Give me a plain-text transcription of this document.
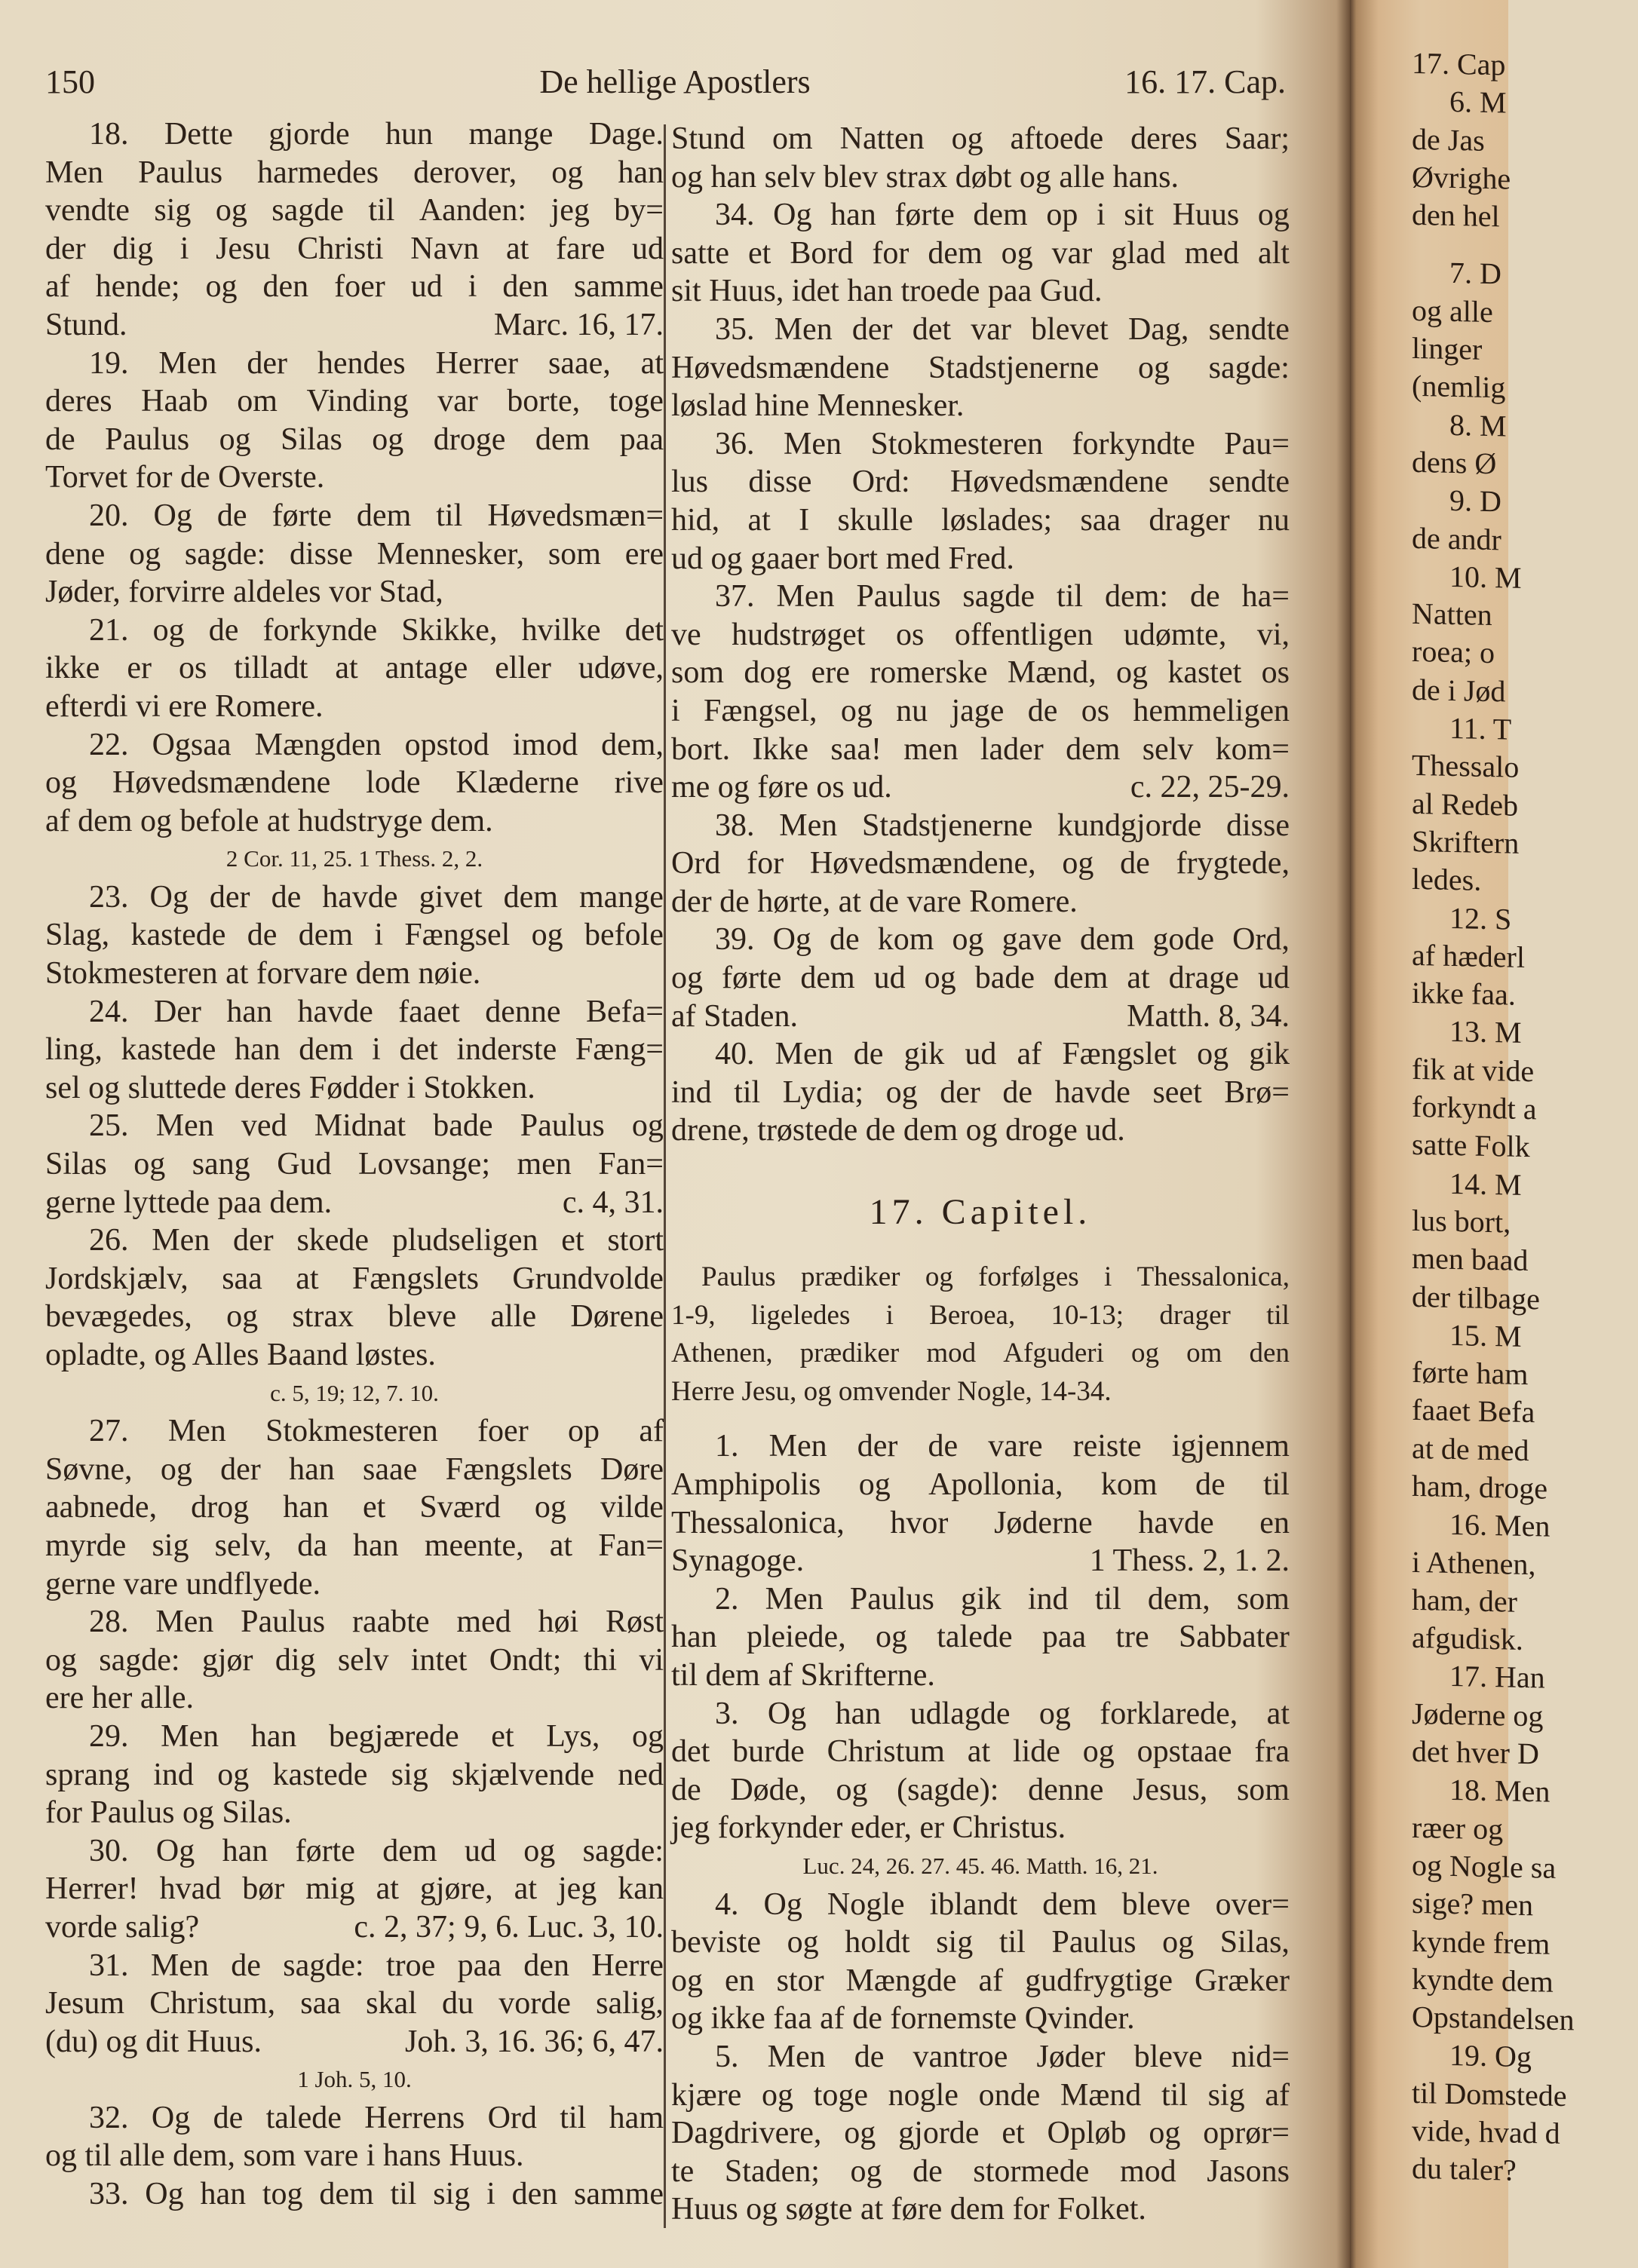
150	De hellige Apostlers	16. 17. Cap.
18. Dette gjorde hun mange Dage.
Men Paulus harmedes derover, og han
vendte sig og sagde til Aanden: jeg by=
der dig i Jesu Christi Navn at fare ud
af hende; og den foer ud i den samme
Stund.	Marc. 16, 17.
19. Men der hendes Herrer saae, at
deres Haab om Vinding var borte, toge
de Paulus og Silas og droge dem paa
Torvet for de Overste.
20. Og de førte dem til Høvedsmæn=
dene og sagde: disse Mennesker, som ere
Jøder, forvirre aldeles vor Stad,
21. og de forkynde Skikke, hvilke det
ikke er os tilladt at antage eller udøve,
efterdi vi ere Romere.
22. Ogsaa Mængden opstod imod dem,
og Høvedsmændene lode Klæderne rive
af dem og befole at hudstryge dem.
2 Cor. 11, 25. 1 Thess. 2, 2.
23. Og der de havde givet dem mange
Slag, kastede de dem i Fængsel og befole
Stokmesteren at forvare dem nøie.
24. Der han havde faaet denne Befa=
ling, kastede han dem i det inderste Fæng=
sel og sluttede deres Fødder i Stokken.
25. Men ved Midnat bade Paulus og
Silas og sang Gud Lovsange; men Fan=
gerne lyttede paa dem.	c. 4, 31.
26. Men der skede pludseligen et stort
Jordskjælv, saa at Fængslets Grundvolde
bevægedes, og strax bleve alle Dørene
opladte, og Alles Baand løstes.
c. 5, 19; 12, 7. 10.
27. Men Stokmesteren foer op af
Søvne, og der han saae Fængslets Døre
aabnede, drog han et Sværd og vilde
myrde sig selv, da han meente, at Fan=
gerne vare undflyede.
28. Men Paulus raabte med høi Røst
og sagde: gjør dig selv intet Ondt; thi vi
ere her alle.
29. Men han begjærede et Lys, og
sprang ind og kastede sig skjælvende ned
for Paulus og Silas.
30. Og han førte dem ud og sagde:
Herrer! hvad bør mig at gjøre, at jeg kan
vorde salig?	c. 2, 37; 9, 6. Luc. 3, 10.
31. Men de sagde: troe paa den Herre
Jesum Christum, saa skal du vorde salig,
(du) og dit Huus.	Joh. 3, 16. 36; 6, 47.
1 Joh. 5, 10.
32. Og de talede Herrens Ord til ham
og til alle dem, som vare i hans Huus.
33. Og han tog dem til sig i den samme
Stund om Natten og aftoede deres Saar;
og han selv blev strax døbt og alle hans.
34. Og han førte dem op i sit Huus og
satte et Bord for dem og var glad med alt
sit Huus, idet han troede paa Gud.
35. Men der det var blevet Dag, sendte
Høvedsmændene Stadstjenerne og sagde:
løslad hine Mennesker.
36. Men Stokmesteren forkyndte Pau=
lus disse Ord: Høvedsmændene sendte
hid, at I skulle løslades; saa drager nu
ud og gaaer bort med Fred.
37. Men Paulus sagde til dem: de ha=
ve hudstrøget os offentligen udømte, vi,
som dog ere romerske Mænd, og kastet os
i Fængsel, og nu jage de os hemmeligen
bort. Ikke saa! men lader dem selv kom=
me og føre os ud.	c. 22, 25-29.
38. Men Stadstjenerne kundgjorde disse
Ord for Høvedsmændene, og de frygtede,
der de hørte, at de vare Romere.
39. Og de kom og gave dem gode Ord,
og førte dem ud og bade dem at drage ud
af Staden.	Matth. 8, 34.
40. Men de gik ud af Fængslet og gik
ind til Lydia; og der de havde seet Brø=
drene, trøstede de dem og droge ud.
17. Capitel.
Paulus prædiker og forfølges i Thessalonica,
1-9, ligeledes i Beroea, 10-13; drager til
Athenen, prædiker mod Afguderi og om den
Herre Jesu, og omvender Nogle, 14-34.
1. Men der de vare reiste igjennem
Amphipolis og Apollonia, kom de til
Thessalonica, hvor Jøderne havde en
Synagoge.	1 Thess. 2, 1. 2.
2. Men Paulus gik ind til dem, som
han pleiede, og talede paa tre Sabbater
til dem af Skrifterne.
3. Og han udlagde og forklarede, at
det burde Christum at lide og opstaae fra
de Døde, og (sagde): denne Jesus, som
jeg forkynder eder, er Christus.
Luc. 24, 26. 27. 45. 46. Matth. 16, 21.
4. Og Nogle iblandt dem bleve over=
beviste og holdt sig til Paulus og Silas,
og en stor Mængde af gudfrygtige Græker
og ikke faa af de fornemste Qvinder.
5. Men de vantroe Jøder bleve nid=
kjære og toge nogle onde Mænd til sig af
Dagdrivere, og gjorde et Opløb og oprør=
te Staden; og de stormede mod Jasons
Huus og søgte at føre dem for Folket.
17. Cap
6. M
de Jas
Øvrighe
den hel
7. D
og alle
linger
(nemlig
8. M
dens Ø
9. D
de andr
10. M
Natten
roea; o
de i Jød
11. T
Thessalo
al Redeb
Skriftern
ledes.
12. S
af hæderl
ikke faa.
13. M
fik at vide
forkyndt a
satte Folk
14. M
lus bort,
men baad
der tilbage
15. M
førte ham
faaet Befa
at de med
ham, droge
16. Men
i Athenen,
ham, der
afgudisk.
17. Han
Jøderne og
det hver D
18. Men
ræer og
og Nogle sa
sige? men
kynde frem
kyndte dem
Opstandelsen
19. Og
til Domstede
vide, hvad d
du taler?
